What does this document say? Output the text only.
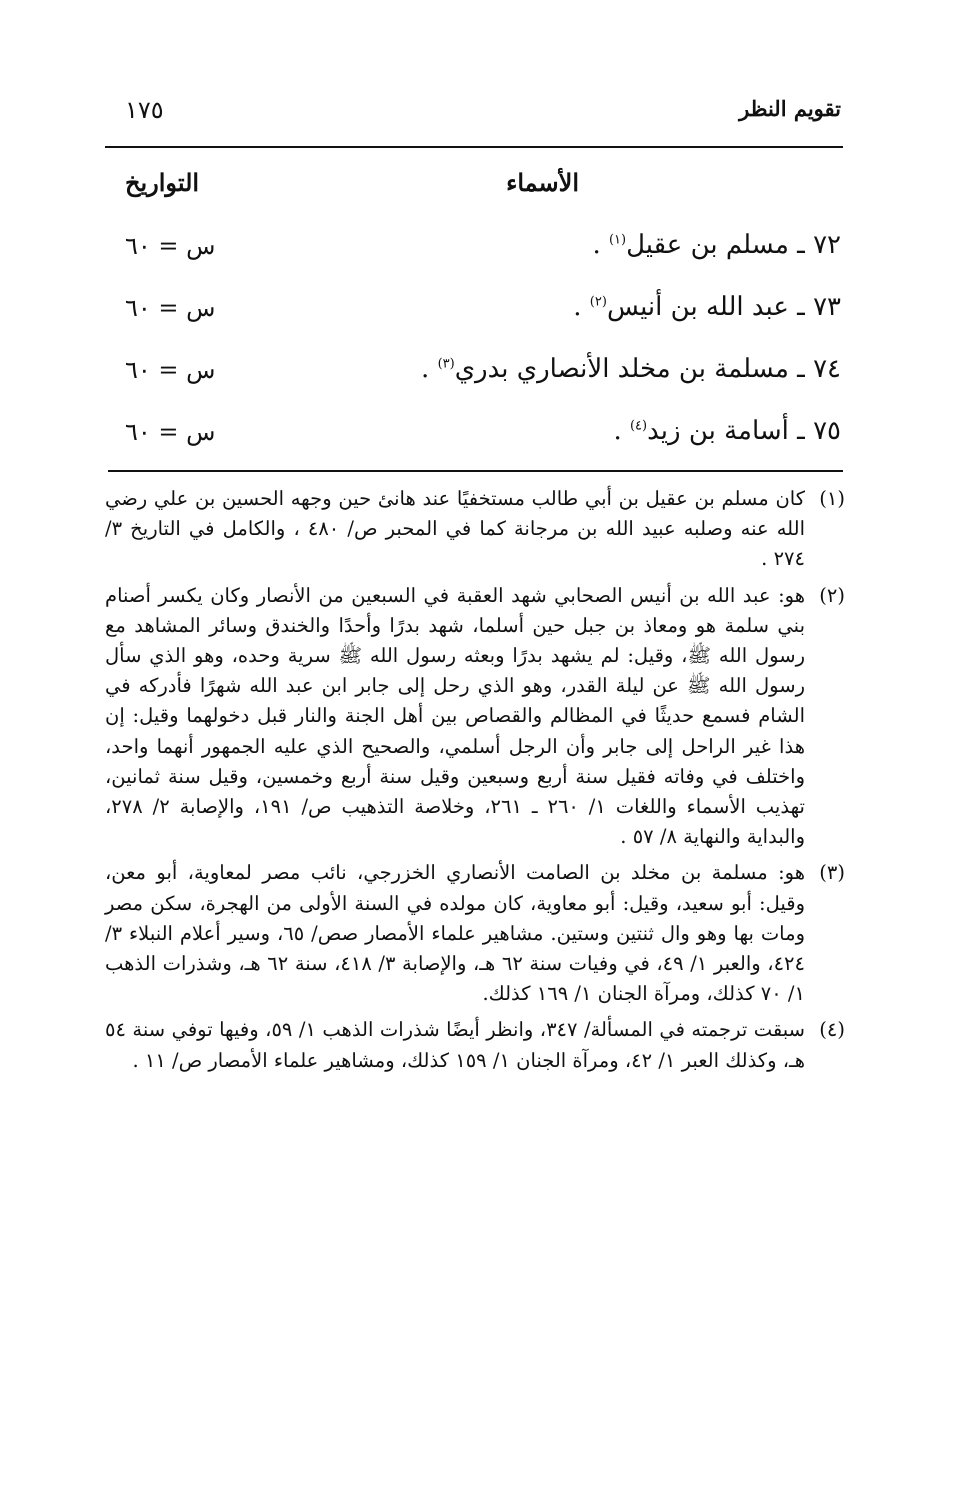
تقويم النظر
١٧٥
الأسماء
التواريخ
٧٢ ـ مسلم بن عقيل$^{(١)}$ .
س = ٦٠
٧٣ ـ عبد الله بن أنيس$^{(٢)}$ .
س = ٦٠
٧٤ ـ مسلمة بن مخلد الأنصاري بدري$^{(٣)}$ .
س = ٦٠
٧٥ ـ أسامة بن زيد$^{(٤)}$ .
س = ٦٠
(١)
كان مسلم بن عقيل بن أبي طالب مستخفيًا عند هانئ حين وجهه الحسين بن علي رضي الله عنه وصلبه عبيد الله بن مرجانة كما في المحبر ص/ ٤٨٠ ، والكامل في التاريخ ٣/ ٢٧٤ .
(٢)
هو: عبد الله بن أنيس الصحابي شهد العقبة في السبعين من الأنصار وكان يكسر أصنام بني سلمة هو ومعاذ بن جبل حين أسلما، شهد بدرًا وأحدًا والخندق وسائر المشاهد مع رسول الله ﷺ، وقيل: لم يشهد بدرًا وبعثه رسول الله ﷺ سرية وحده، وهو الذي سأل رسول الله ﷺ عن ليلة القدر، وهو الذي رحل إلى جابر ابن عبد الله شهرًا فأدركه في الشام فسمع حديثًا في المظالم والقصاص بين أهل الجنة والنار قبل دخولهما وقيل: إن هذا غير الراحل إلى جابر وأن الرجل أسلمي، والصحيح الذي عليه الجمهور أنهما واحد، واختلف في وفاته فقيل سنة أربع وسبعين وقيل سنة أربع وخمسين، وقيل سنة ثمانين، تهذيب الأسماء واللغات ١/ ٢٦٠ ـ ٢٦١، وخلاصة التذهيب ص/ ١٩١، والإصابة ٢/ ٢٧٨، والبداية والنهاية ٨/ ٥٧ .
(٣)
هو: مسلمة بن مخلد بن الصامت الأنصاري الخزرجي، نائب مصر لمعاوية، أبو معن، وقيل: أبو سعيد، وقيل: أبو معاوية، كان مولده في السنة الأولى من الهجرة، سكن مصر ومات بها وهو وال ثنتين وستين. مشاهير علماء الأمصار صص/ ٦٥، وسير أعلام النبلاء ٣/ ٤٢٤، والعبر ١/ ٤٩، في وفيات سنة ٦٢ هـ، والإصابة ٣/ ٤١٨، سنة ٦٢ هـ، وشذرات الذهب ١/ ٧٠ كذلك، ومرآة الجنان ١/ ١٦٩ كذلك.
(٤)
سبقت ترجمته في المسألة/ ٣٤٧، وانظر أيضًا شذرات الذهب ١/ ٥٩، وفيها توفي سنة ٥٤ هـ، وكذلك العبر ١/ ٤٢، ومرآة الجنان ١/ ١٥٩ كذلك، ومشاهير علماء الأمصار ص/ ١١ .
